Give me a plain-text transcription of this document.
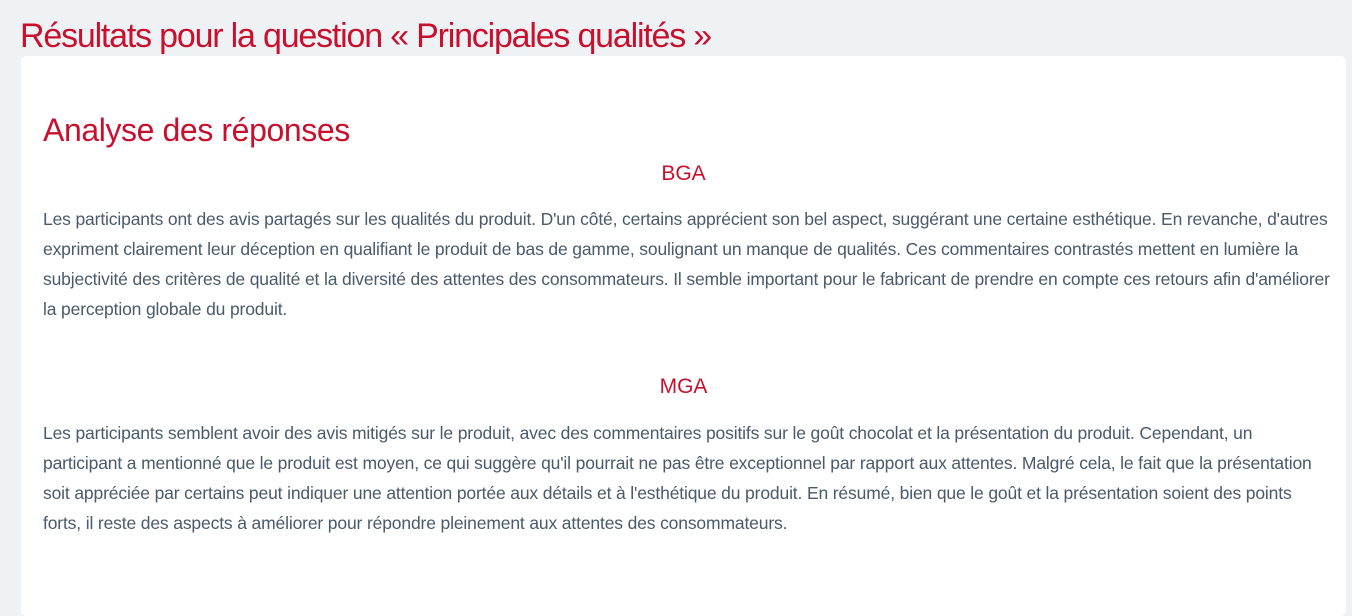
Résultats pour la question « Principales qualités »
Analyse des réponses
BGA

Les participants ont des avis partagés sur les qualités du produit. D'un côté, certains apprécient son bel aspect, suggérant une certaine esthétique. En revanche, d'autres expriment clairement leur déception en qualifiant le produit de bas de gamme, soulignant un manque de qualités. Ces commentaires contrastés mettent en lumière la subjectivité des critères de qualité et la diversité des attentes des consommateurs. Il semble important pour le fabricant de prendre en compte ces retours afin d'améliorer la perception globale du produit.

MGA

Les participants semblent avoir des avis mitigés sur le produit, avec des commentaires positifs sur le goût chocolat et la présentation du produit. Cependant, un participant a mentionné que le produit est moyen, ce qui suggère qu'il pourrait ne pas être exceptionnel par rapport aux attentes. Malgré cela, le fait que la présentation soit appréciée par certains peut indiquer une attention portée aux détails et à l'esthétique du produit. En résumé, bien que le goût et la présentation soient des points forts, il reste des aspects à améliorer pour répondre pleinement aux attentes des consommateurs.
